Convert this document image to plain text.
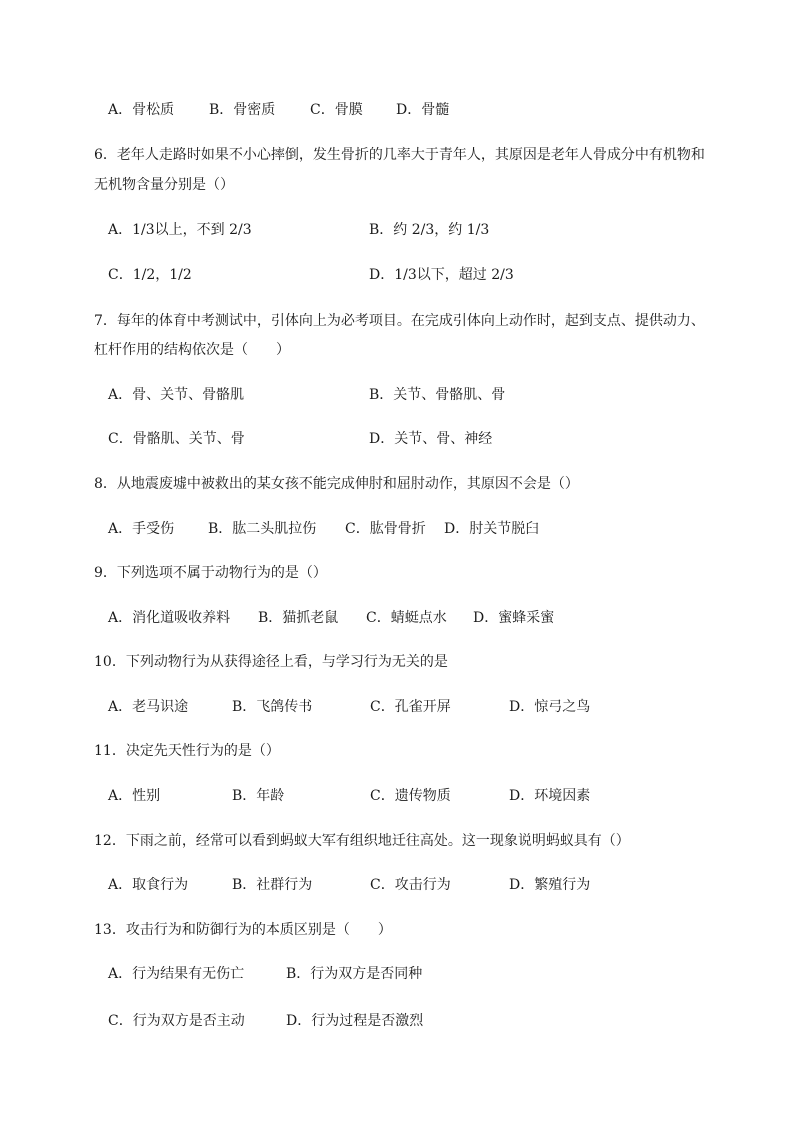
A．骨松质 B．骨密质 C．骨膜 D．骨髓
6．老年人走路时如果不小心摔倒，发生骨折的几率大于青年人，其原因是老年人骨成分中有机物和
无机物含量分别是（）
A．1/3以上，不到 2/3	B．约 2/3，约 1/3
C．1/2，1/2	D．1/3以下，超过 2/3
7．每年的体育中考测试中，引体向上为必考项目。在完成引体向上动作时，起到支点、提供动力、
杠杆作用的结构依次是（　　）
A．骨、关节、骨骼肌	B．关节、骨骼肌、骨
C．骨骼肌、关节、骨	D．关节、骨、神经
8．从地震废墟中被救出的某女孩不能完成伸肘和屈肘动作，其原因不会是（）
A．手受伤 B．肱二头肌拉伤 C．肱骨骨折 D．肘关节脱臼
9．下列选项不属于动物行为的是（）
A．消化道吸收养料 B．猫抓老鼠 C．蜻蜓点水 D．蜜蜂采蜜
10．下列动物行为从获得途径上看，与学习行为无关的是
A．老马识途	B．飞鸽传书	C．孔雀开屏	D．惊弓之鸟
11．决定先天性行为的是（）
A．性别	B．年龄	C．遗传物质	D．环境因素
12．下雨之前，经常可以看到蚂蚁大军有组织地迁往高处。这一现象说明蚂蚁具有（）
A．取食行为	B．社群行为	C．攻击行为	D．繁殖行为
13．攻击行为和防御行为的本质区别是（　　）
A．行为结果有无伤亡	B．行为双方是否同种
C．行为双方是否主动	D．行为过程是否激烈
